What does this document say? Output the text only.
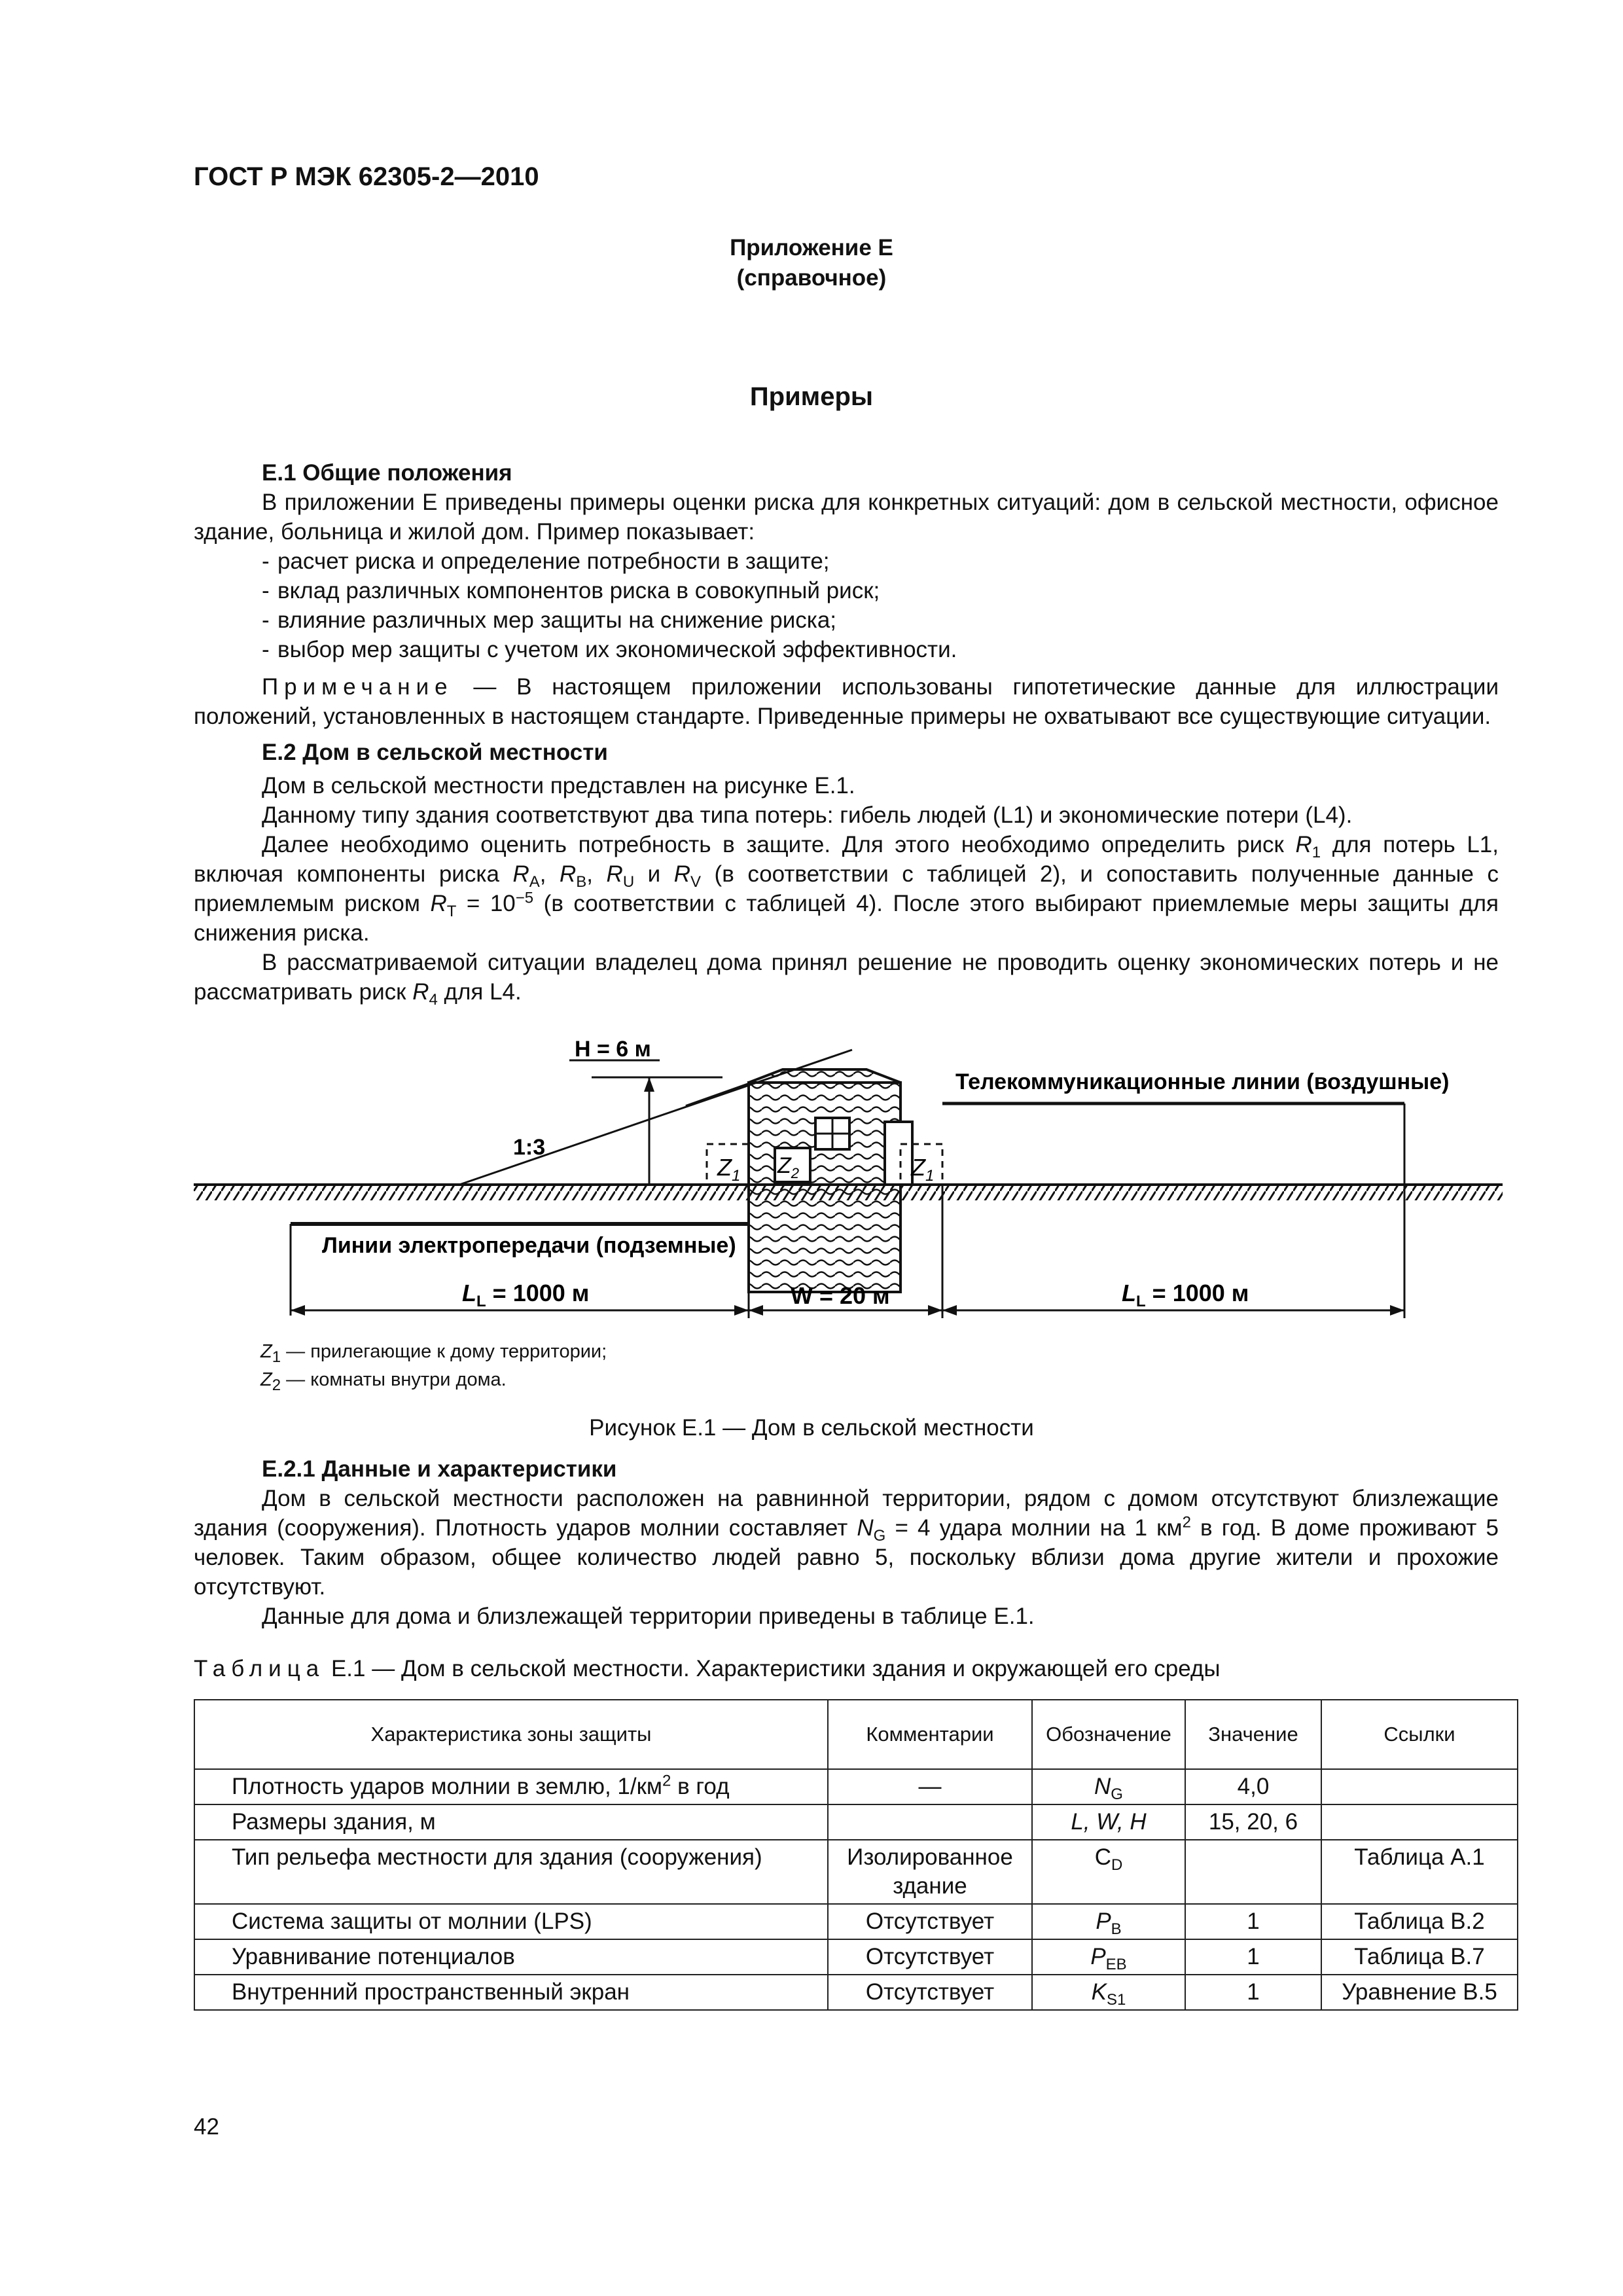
ГОСТ Р МЭК 62305-2—2010
Приложение Е
(справочное)
Примеры

Е.1 Общие положения

В приложении Е приведены примеры оценки риска для конкретных ситуаций: дом в сельской местности, офисное здание, больница и жилой дом. Пример показывает:

- расчет риска и определение потребности в защите;
- вклад различных компонентов риска в совокупный риск;
- влияние различных мер защиты на снижение риска;
- выбор мер защиты с учетом их экономической эффективности.

Примечание — В настоящем приложении использованы гипотетические данные для иллюстрации положений, установленных в настоящем стандарте. Приведенные примеры не охватывают все существующие ситуации.

Е.2 Дом в сельской местности

Дом в сельской местности представлен на рисунке Е.1.

Данному типу здания соответствуют два типа потерь: гибель людей (L1) и экономические потери (L4).

Далее необходимо оценить потребность в защите. Для этого необходимо определить риск $R_1$ для потерь L1, включая компоненты риска $R_A$, $R_B$, $R_U$ и $R_V$ (в соответствии с таблицей 2), и сопоставить полученные данные с приемлемым риском $R_T = 10^{-5}$ (в соответствии с таблицей 4). После этого выбирают приемлемые меры защиты для снижения риска.

В рассматриваемой ситуации владелец дома принял решение не проводить оценку экономических потерь и не рассматривать риск $R_4$ для L4.

H = 6 м
1:3
Телекоммуникационные линии (воздушные)
Линии электропередачи (подземные)
$Z_1$ $Z_2$	$Z_1$
$L_L = 1000$ м	W = 20 м	$L_L = 1000$ м
$Z_1$ — прилегающие к дому территории;
$Z_2$ — комнаты внутри дома.
Рисунок Е.1 — Дом в сельской местности

Е.2.1 Данные и характеристики

Дом в сельской местности расположен на равнинной территории, рядом с домом отсутствуют близлежащие здания (сооружения). Плотность ударов молнии составляет $N_G = 4$ удара молнии на 1 $км^2$ в год. В доме проживают 5 человек. Таким образом, общее количество людей равно 5, поскольку вблизи дома другие жители и прохожие отсутствуют.

Данные для дома и близлежащей территории приведены в таблице Е.1.

Таблица Е.1 — Дом в сельской местности. Характеристики здания и окружающей его среды
Характеристика зоны защиты	Комментарии	Обозначение	Значение	Ссылки
Плотность ударов молнии в землю, $1/км^2$ в год	—	$N_G$	4,0	
Размеры здания, м		L, W, H	15, 20, 6	
Тип рельефа местности для здания (сооружения)	Изолированное здание	$C_D$		Таблица А.1
Система защиты от молнии (LPS)	Отсутствует	$P_B$	1	Таблица В.2
Уравнивание потенциалов	Отсутствует	$P_{EB}$	1	Таблица В.7
Внутренний пространственный экран	Отсутствует	$K_{S1}$	1	Уравнение В.5
42
